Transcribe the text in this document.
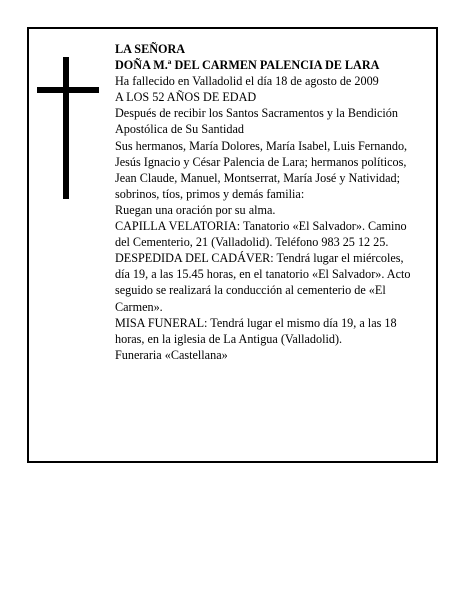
LA SEÑORA

DOÑA M.ª DEL CARMEN PALENCIA DE LARA

Ha fallecido en Valladolid el día 18 de agosto de 2009

A LOS 52 AÑOS DE EDAD

Después de recibir los Santos Sacramentos y la Bendición Apostólica de Su Santidad

Sus hermanos, María Dolores, María Isabel, Luis Fernando, Jesús Ignacio y César Palencia de Lara; hermanos políticos, Jean Claude, Manuel, Montserrat, María José y Natividad; sobrinos, tíos, primos y demás familia:

Ruegan una oración por su alma.

CAPILLA VELATORIA: Tanatorio «El Salvador». Camino del Cementerio, 21 (Valladolid). Teléfono 983 25 12 25.

DESPEDIDA DEL CADÁVER: Tendrá lugar el miércoles, día 19, a las 15.45 horas, en el tanatorio «El Salvador». Acto seguido se realizará la conducción al cementerio de «El Carmen».

MISA FUNERAL: Tendrá lugar el mismo día 19, a las 18 horas, en la iglesia de La Antigua (Valladolid).

Funeraria «Castellana»
